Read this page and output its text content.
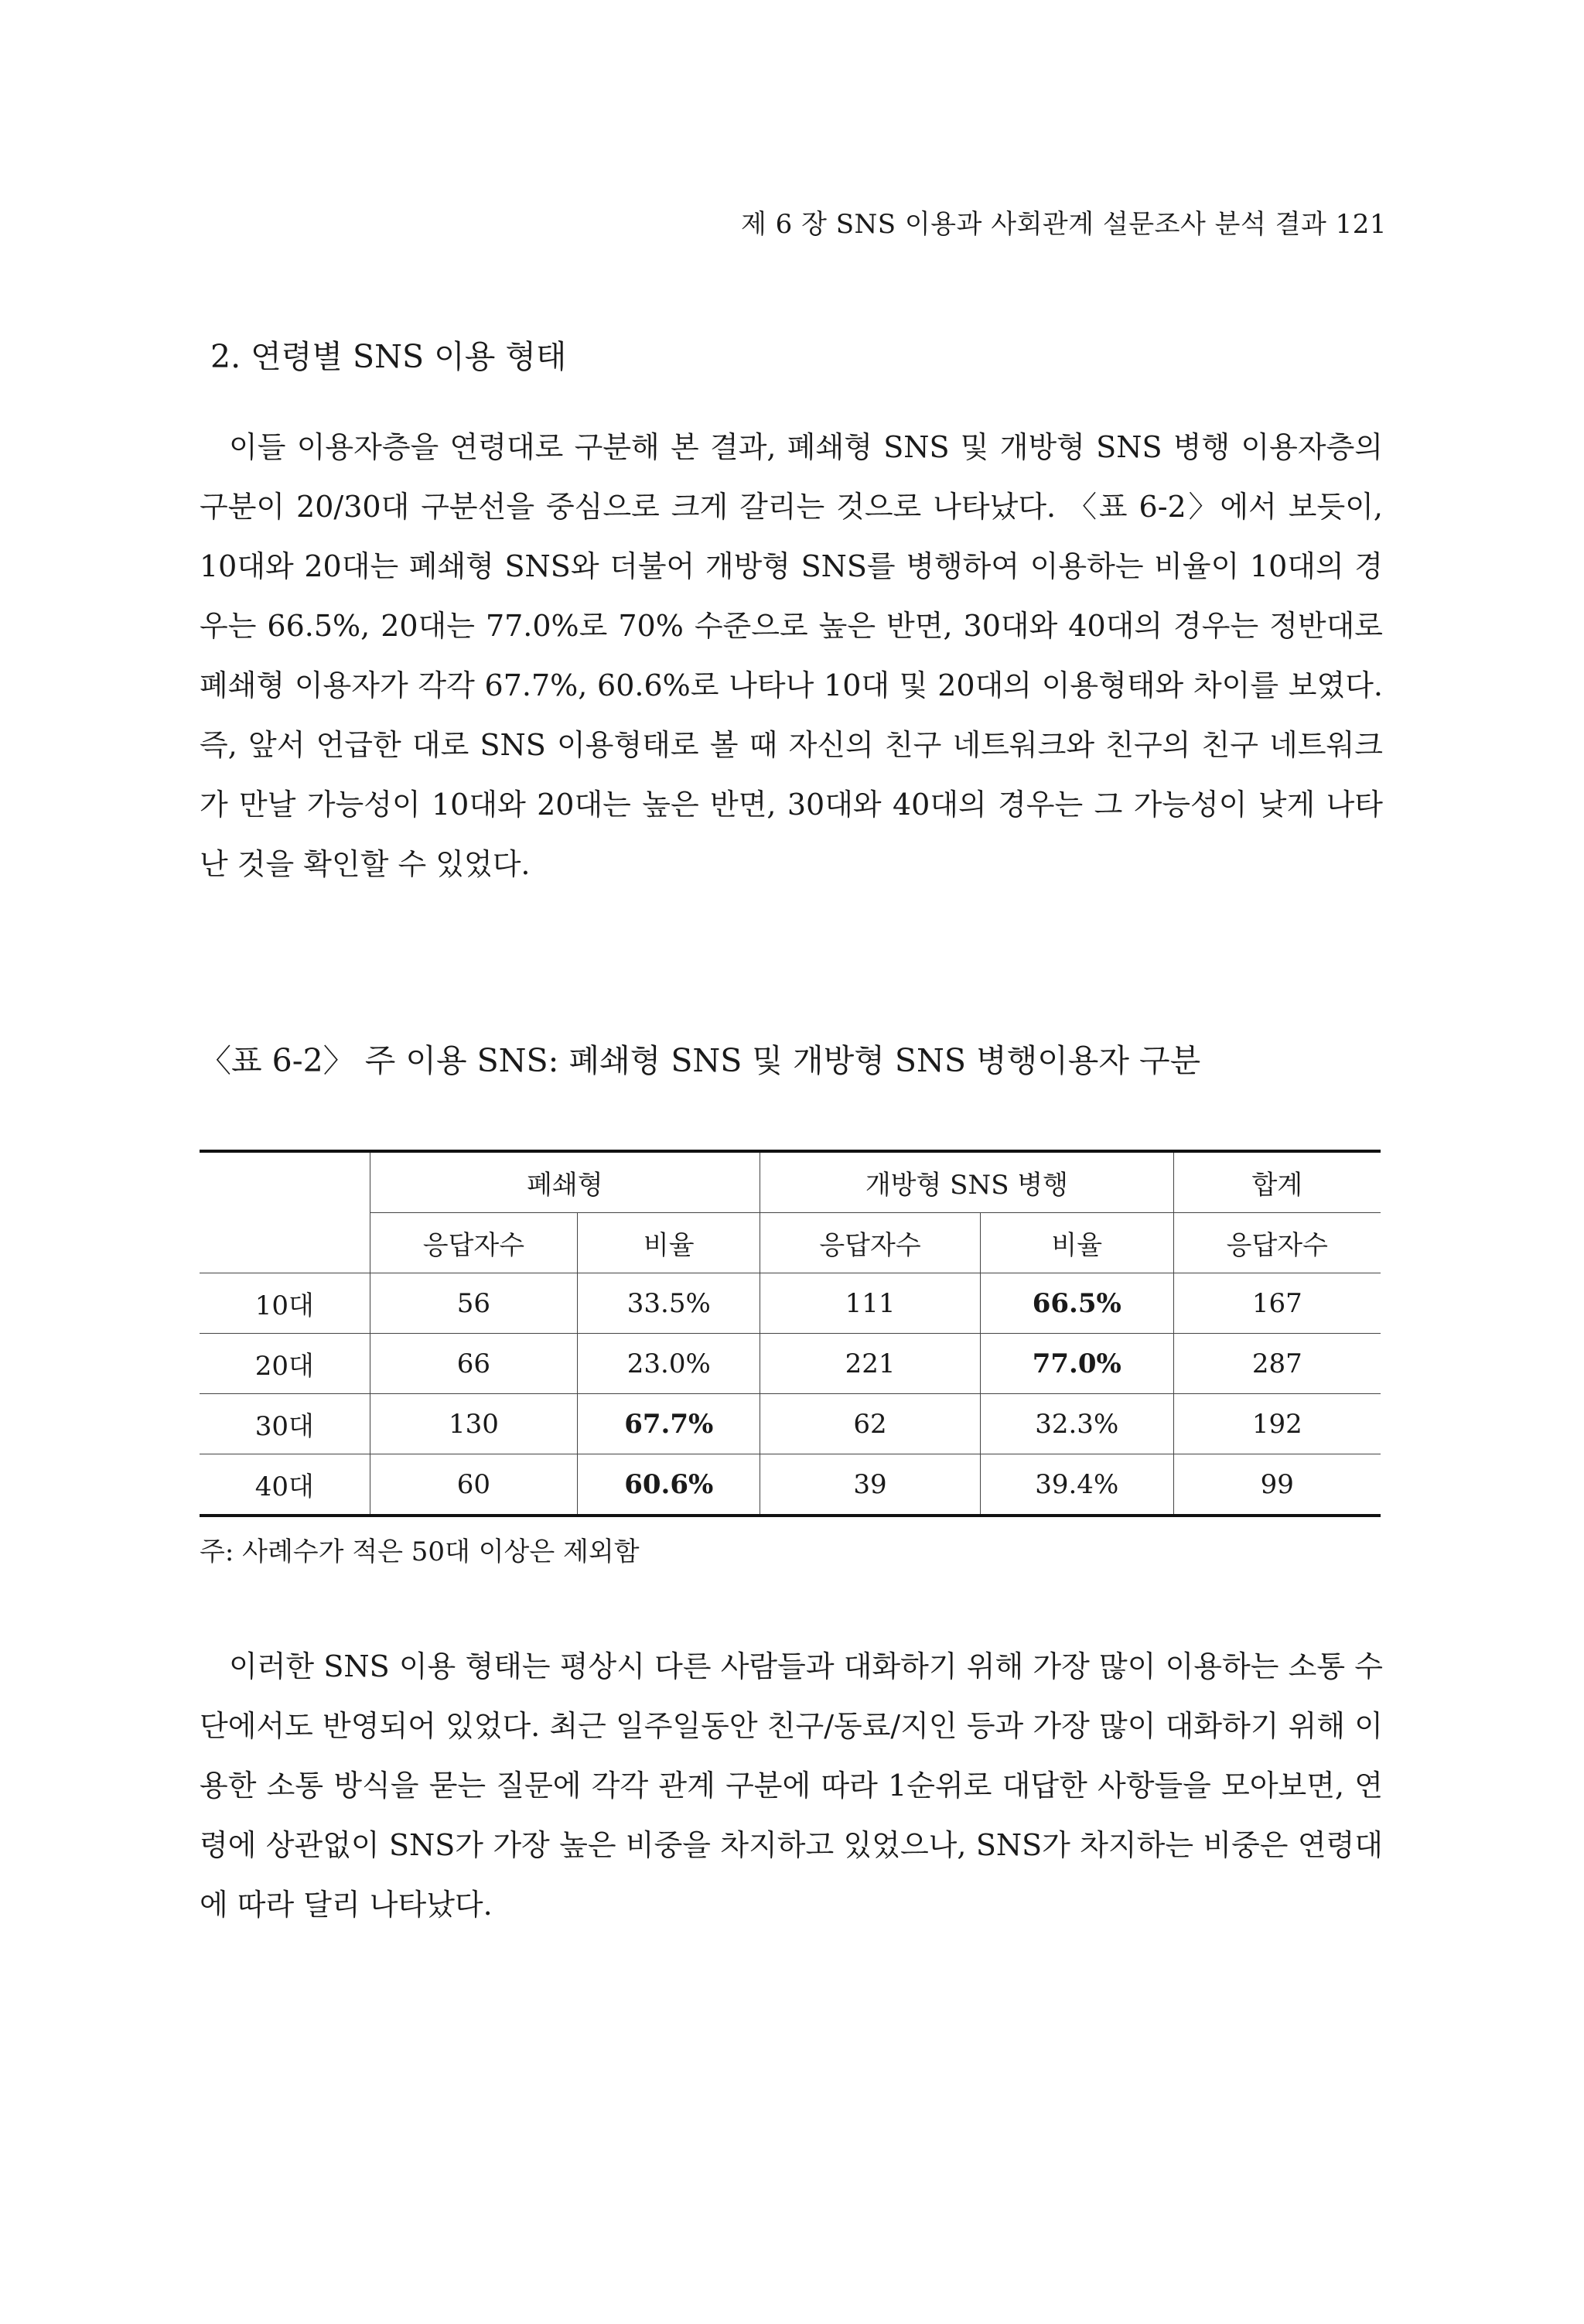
제 6 장 SNS 이용과 사회관계 설문조사 분석 결과 121
2. 연령별 SNS 이용 형태

이들 이용자층을 연령대로 구분해 본 결과, 폐쇄형 SNS 및 개방형 SNS 병행 이용자층의 구분이 20/30대 구분선을 중심으로 크게 갈리는 것으로 나타났다. 〈표 6-2〉에서 보듯이, 10대와 20대는 폐쇄형 SNS와 더불어 개방형 SNS를 병행하여 이용하는 비율이 10대의 경우는 66.5%, 20대는 77.0%로 70% 수준으로 높은 반면, 30대와 40대의 경우는 정반대로 폐쇄형 이용자가 각각 67.7%, 60.6%로 나타나 10대 및 20대의 이용형태와 차이를 보였다. 즉, 앞서 언급한 대로 SNS 이용형태로 볼 때 자신의 친구 네트워크와 친구의 친구 네트워크가 만날 가능성이 10대와 20대는 높은 반면, 30대와 40대의 경우는 그 가능성이 낮게 나타난 것을 확인할 수 있었다.

〈표 6-2〉 주 이용 SNS: 폐쇄형 SNS 및 개방형 SNS 병행이용자 구분
	폐쇄형		개방형 SNS 병행		합계
	응답자수	비율	응답자수	비율	응답자수
10대	56	33.5%	111	66.5%	167
20대	66	23.0%	221	77.0%	287
30대	130	67.7%	62	32.3%	192
40대	60	60.6%	39	39.4%	99
주: 사례수가 적은 50대 이상은 제외함

이러한 SNS 이용 형태는 평상시 다른 사람들과 대화하기 위해 가장 많이 이용하는 소통 수단에서도 반영되어 있었다. 최근 일주일동안 친구/동료/지인 등과 가장 많이 대화하기 위해 이용한 소통 방식을 묻는 질문에 각각 관계 구분에 따라 1순위로 대답한 사항들을 모아보면, 연령에 상관없이 SNS가 가장 높은 비중을 차지하고 있었으나, SNS가 차지하는 비중은 연령대에 따라 달리 나타났다.
